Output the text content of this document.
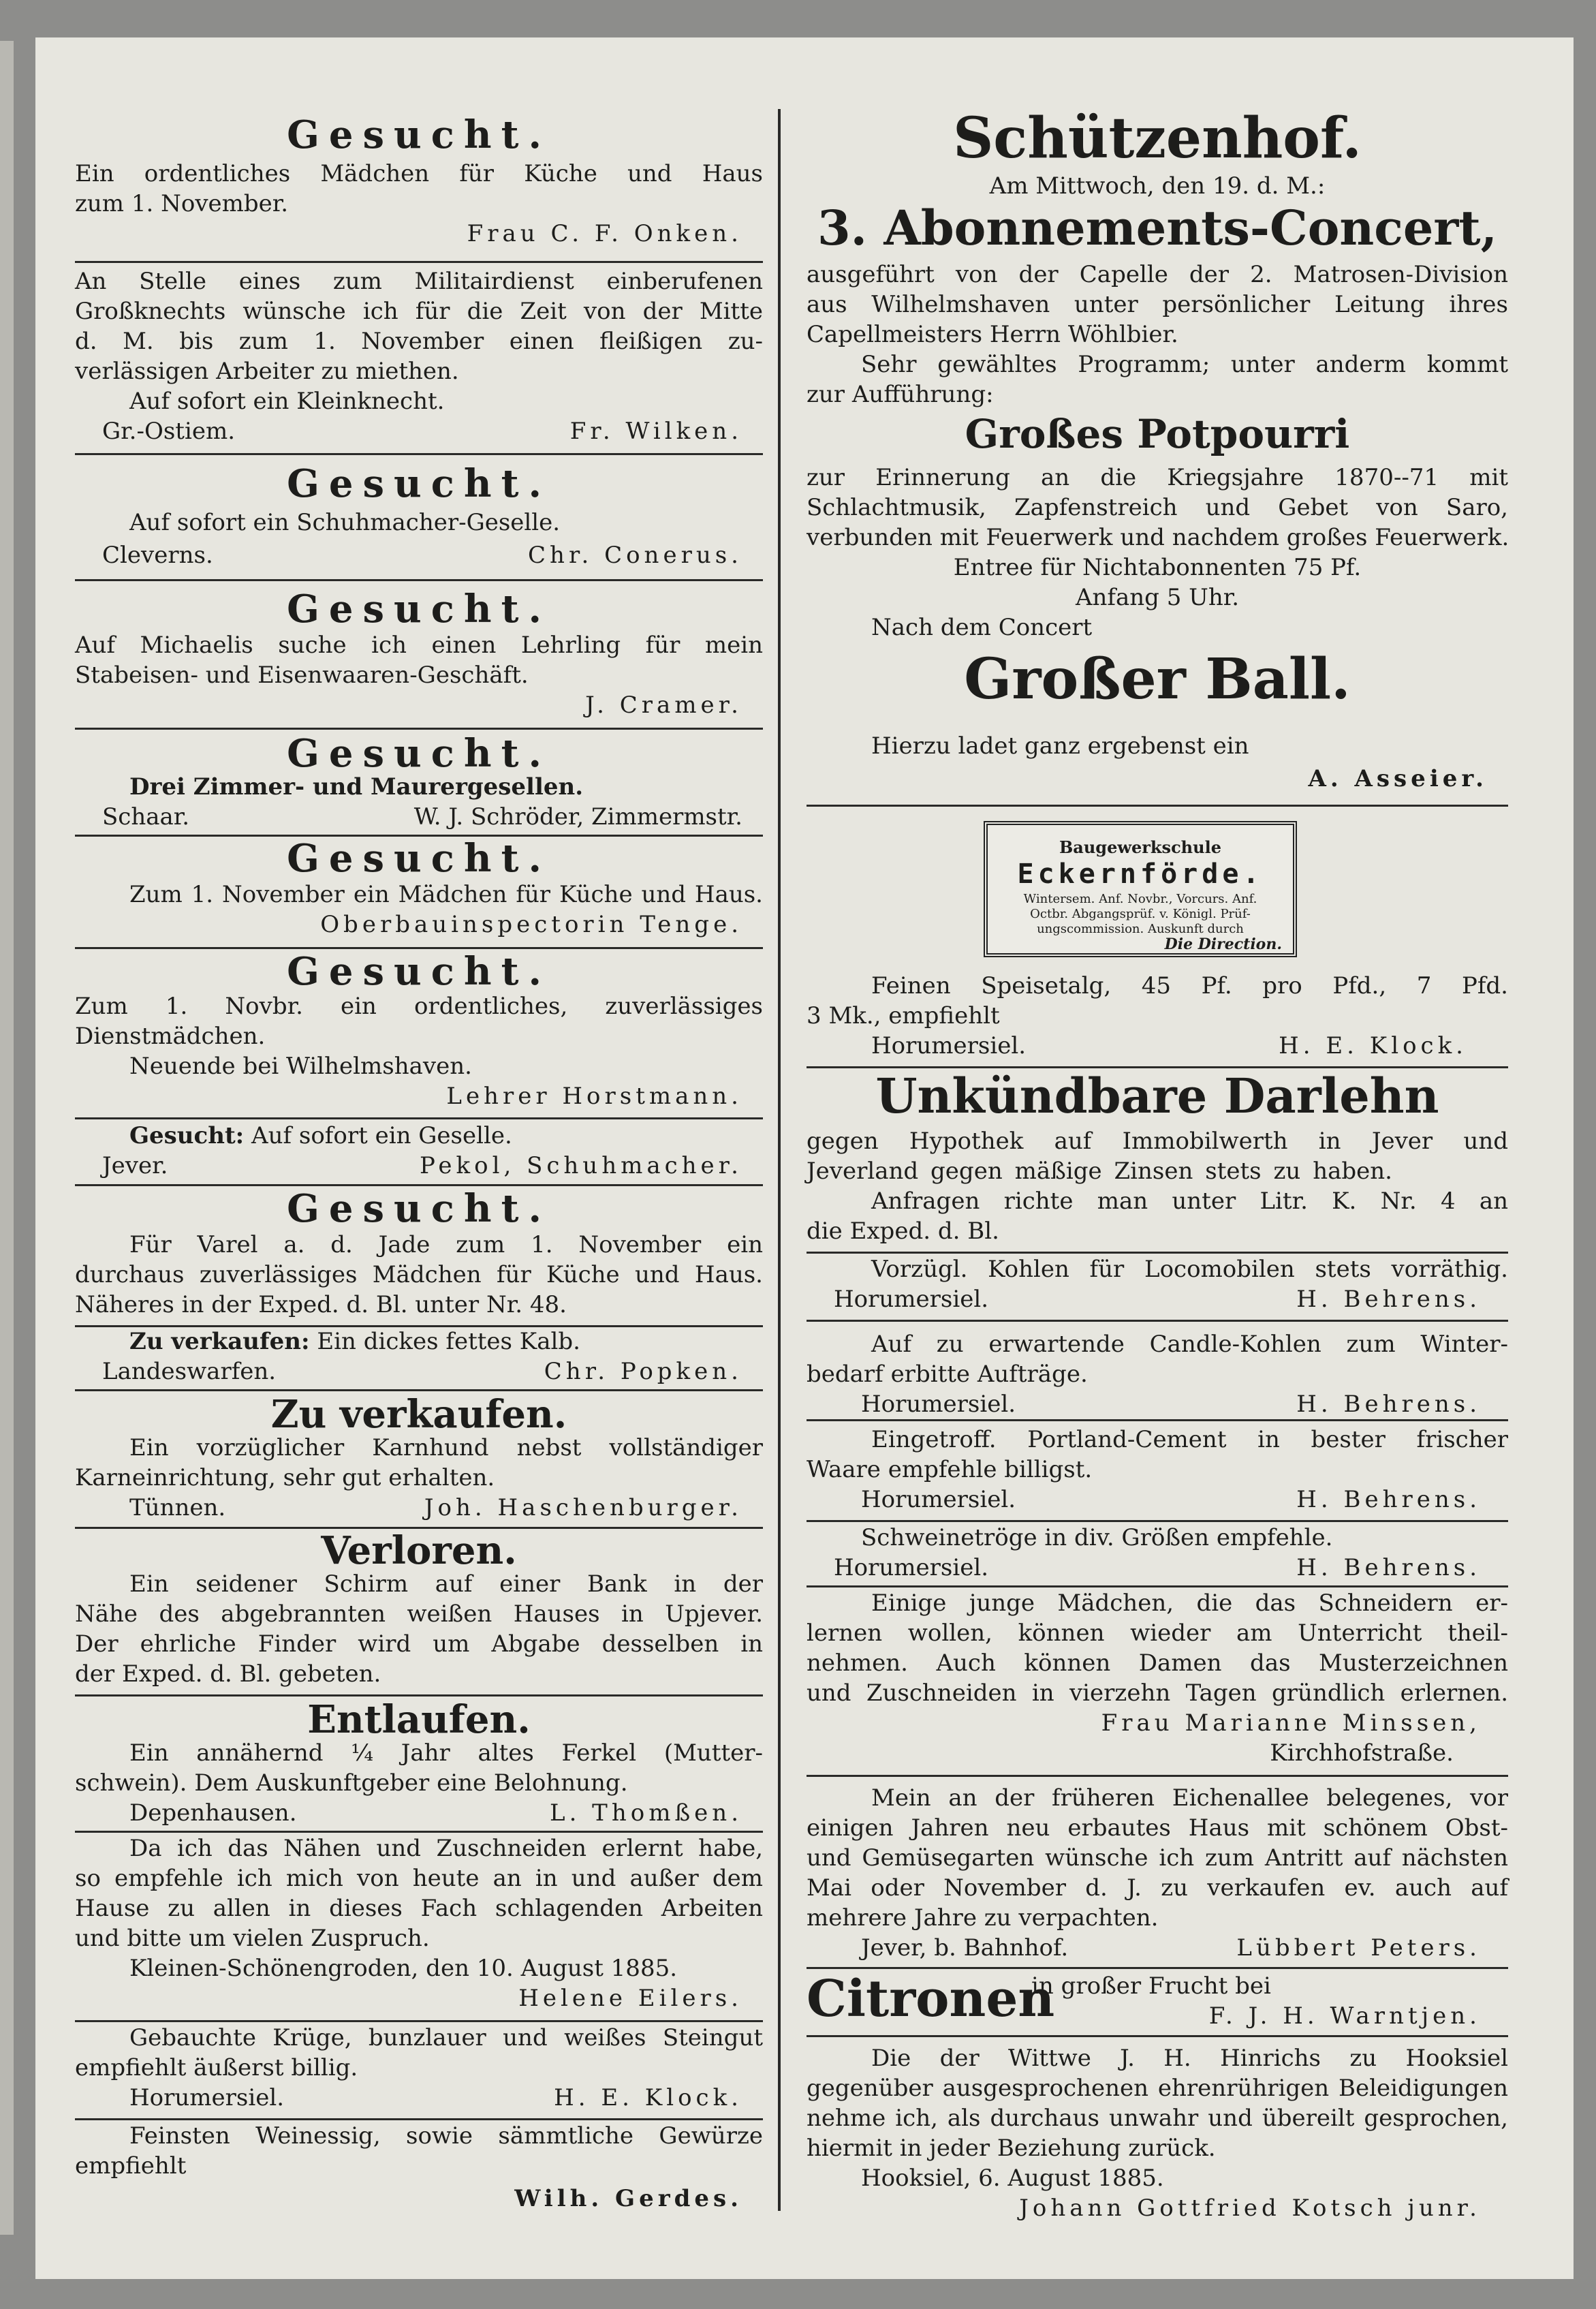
Gesucht.
Ein ordentliches Mädchen für Küche und Haus
zum 1. November.
Frau C. F. Onken.
An Stelle eines zum Militairdienst einberufenen
Großknechts wünsche ich für die Zeit von der Mitte
d. M. bis zum 1. November einen fleißigen zu-
verlässigen Arbeiter zu miethen.
Auf sofort ein Kleinknecht.
Gr.-Ostiem.	Fr. Wilken.
Gesucht.
Auf sofort ein Schuhmacher-Geselle.
Cleverns.	Chr. Conerus.
Gesucht.
Auf Michaelis suche ich einen Lehrling für mein
Stabeisen- und Eisenwaaren-Geschäft.
J. Cramer.
Gesucht.
Drei Zimmer- und Maurergesellen.
Schaar.	W. J. Schröder, Zimmermstr.
Gesucht.
Zum 1. November ein Mädchen für Küche und Haus.
Oberbauinspectorin Tenge.
Gesucht.
Zum 1. Novbr. ein ordentliches, zuverlässiges
Dienstmädchen.
Neuende bei Wilhelmshaven.
Lehrer Horstmann.
Gesucht: Auf sofort ein Geselle.
Jever.	Pekol, Schuhmacher.
Gesucht.
Für Varel a. d. Jade zum 1. November ein
durchaus zuverlässiges Mädchen für Küche und Haus.
Näheres in der Exped. d. Bl. unter Nr. 48.
Zu verkaufen: Ein dickes fettes Kalb.
Landeswarfen.	Chr. Popken.
Zu verkaufen.
Ein vorzüglicher Karnhund nebst vollständiger
Karneinrichtung, sehr gut erhalten.
Tünnen.	Joh. Haschenburger.
Verloren.
Ein seidener Schirm auf einer Bank in der
Nähe des abgebrannten weißen Hauses in Upjever.
Der ehrliche Finder wird um Abgabe desselben in
der Exped. d. Bl. gebeten.
Entlaufen.
Ein annähernd ¼ Jahr altes Ferkel (Mutter-
schwein). Dem Auskunftgeber eine Belohnung.
Depenhausen.	L. Thomßen.
Da ich das Nähen und Zuschneiden erlernt habe,
so empfehle ich mich von heute an in und außer dem
Hause zu allen in dieses Fach schlagenden Arbeiten
und bitte um vielen Zuspruch.
Kleinen-Schönengroden, den 10. August 1885.
Helene Eilers.
Gebauchte Krüge, bunzlauer und weißes Steingut
empfiehlt äußerst billig.
Horumersiel.	H. E. Klock.
Feinsten Weinessig, sowie sämmtliche Gewürze
empfiehlt
Wilh. Gerdes.
Schützenhof.
Am Mittwoch, den 19. d. M.:
3. Abonnements-Concert,
ausgeführt von der Capelle der 2. Matrosen-Division
aus Wilhelmshaven unter persönlicher Leitung ihres
Capellmeisters Herrn Wöhlbier.
Sehr gewähltes Programm; unter anderm kommt
zur Aufführung:
Großes Potpourri
zur Erinnerung an die Kriegsjahre 1870--71 mit
Schlachtmusik, Zapfenstreich und Gebet von Saro,
verbunden mit Feuerwerk und nachdem großes Feuerwerk.
Entree für Nichtabonnenten 75 Pf.
Anfang 5 Uhr.
Nach dem Concert
Großer Ball.
Hierzu ladet ganz ergebenst ein
A. Asseier.
Baugewerkschule
Eckernförde.
Wintersem. Anf. Novbr., Vorcurs. Anf.
Octbr. Abgangsprüf. v. Königl. Prüf-
ungscommission. Auskunft durch
Die Direction.
Feinen Speisetalg, 45 Pf. pro Pfd., 7 Pfd.
3 Mk., empfiehlt
Horumersiel.	H. E. Klock.
Unkündbare Darlehn
gegen Hypothek auf Immobilwerth in Jever und
Jeverland gegen mäßige Zinsen stets zu haben.
Anfragen richte man unter Litr. K. Nr. 4 an
die Exped. d. Bl.
Vorzügl. Kohlen für Locomobilen stets vorräthig.
Horumersiel.	H. Behrens.
Auf zu erwartende Candle-Kohlen zum Winter-
bedarf erbitte Aufträge.
Horumersiel.	H. Behrens.
Eingetroff. Portland-Cement in bester frischer
Waare empfehle billigst.
Horumersiel.	H. Behrens.
Schweinetröge in div. Größen empfehle.
Horumersiel.	H. Behrens.
Einige junge Mädchen, die das Schneidern er-
lernen wollen, können wieder am Unterricht theil-
nehmen. Auch können Damen das Musterzeichnen
und Zuschneiden in vierzehn Tagen gründlich erlernen.
Frau Marianne Minssen,
Kirchhofstraße.
Mein an der früheren Eichenallee belegenes, vor
einigen Jahren neu erbautes Haus mit schönem Obst-
und Gemüsegarten wünsche ich zum Antritt auf nächsten
Mai oder November d. J. zu verkaufen ev. auch auf
mehrere Jahre zu verpachten.
Jever, b. Bahnhof.	Lübbert Peters.
Citronen
in großer Frucht bei
F. J. H. Warntjen.
Die der Wittwe J. H. Hinrichs zu Hooksiel
gegenüber ausgesprochenen ehrenrührigen Beleidigungen
nehme ich, als durchaus unwahr und übereilt gesprochen,
hiermit in jeder Beziehung zurück.
Hooksiel, 6. August 1885.
Johann Gottfried Kotsch junr.
